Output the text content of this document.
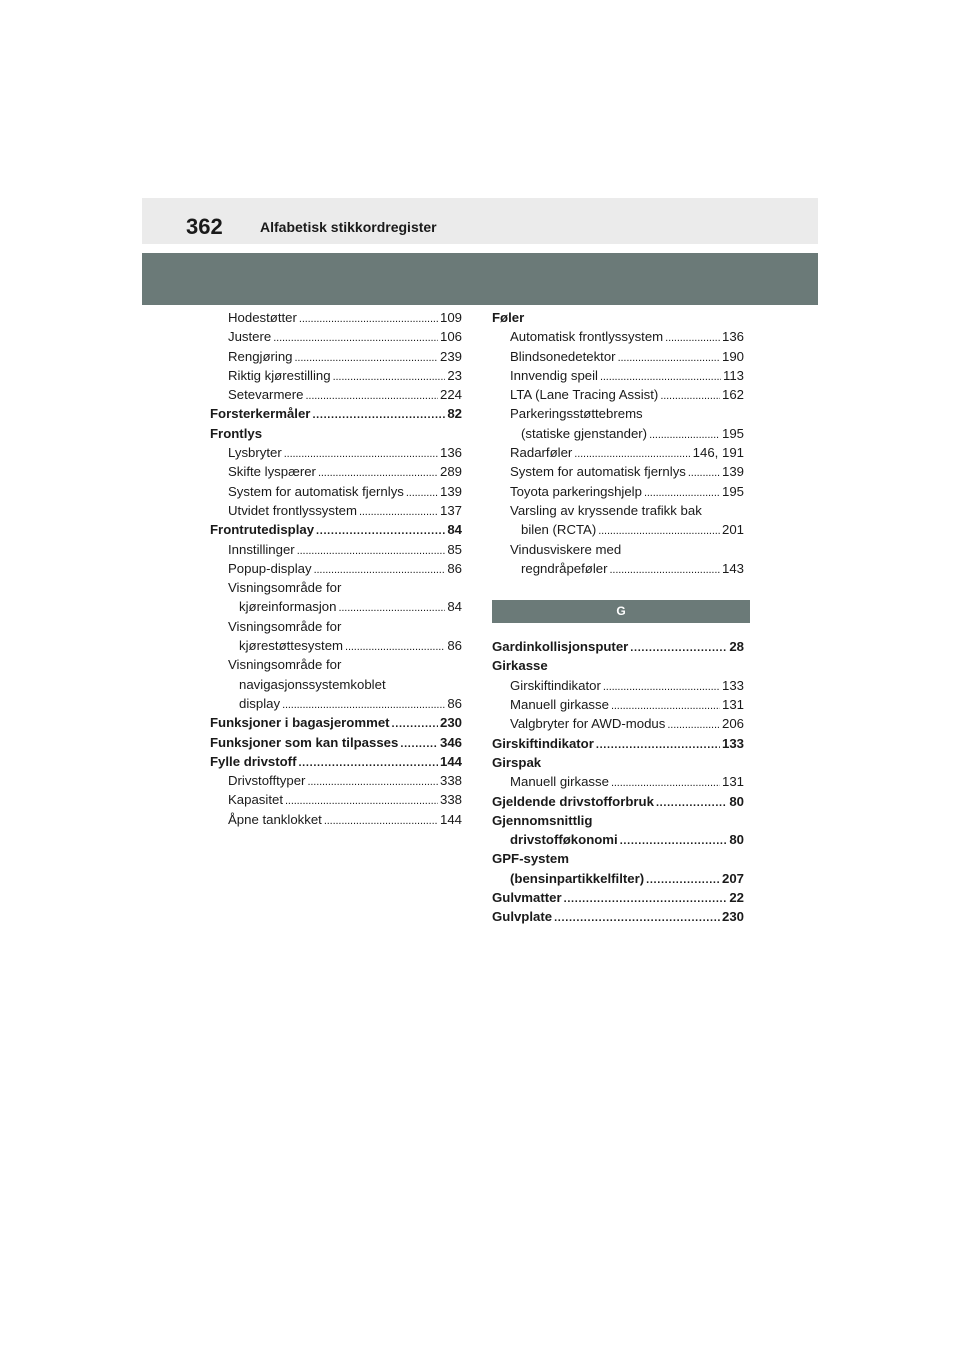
362	Alfabetisk stikkordregister
Hodestøtter . . .	109
Justere . . .	106
Rengjøring . . .	239
Riktig kjørestilling . . .	23
Setevarmere . . .	224
Forsterkermåler . . .	82
Frontlys
Lysbryter . . .	136
Skifte lyspærer . . .	289
System for automatisk fjernlys . . .	139
Utvidet frontlyssystem . . .	137
Frontrutedisplay . . .	84
Innstillinger . . .	85
Popup-display . . .	86
Visningsområde for
kjøreinformasjon . . .	84
Visningsområde for
kjørestøttesystem . . .	86
Visningsområde for
navigasjonssystemkoblet
display . . .	86
Funksjoner i bagasjerommet . . .	230
Funksjoner som kan tilpasses . . .	346
Fylle drivstoff . . .	144
Drivstofftyper . . .	338
Kapasitet . . .	338
Åpne tanklokket . . .	144
Føler
Automatisk frontlyssystem . . .	136
Blindsonedetektor . . .	190
Innvendig speil . . .	113
LTA (Lane Tracing Assist) . . .	162
Parkeringsstøttebrems
(statiske gjenstander) . . .	195
Radarføler . . .	146, 191
System for automatisk fjernlys . . .	139
Toyota parkeringshjelp . . .	195
Varsling av kryssende trafikk bak
bilen (RCTA) . . .	201
Vindusviskere med
regndråpeføler . . .	143
G
Gardinkollisjonsputer . . .	28
Girkasse
Girskiftindikator . . .	133
Manuell girkasse . . .	131
Valgbryter for AWD-modus . . .	206
Girskiftindikator . . .	133
Girspak
Manuell girkasse . . .	131
Gjeldende drivstofforbruk . . .	80
Gjennomsnittlig
drivstofføkonomi . . .	80
GPF-system
(bensinpartikkelfilter) . . .	207
Gulvmatter . . .	22
Gulvplate . . .	230
